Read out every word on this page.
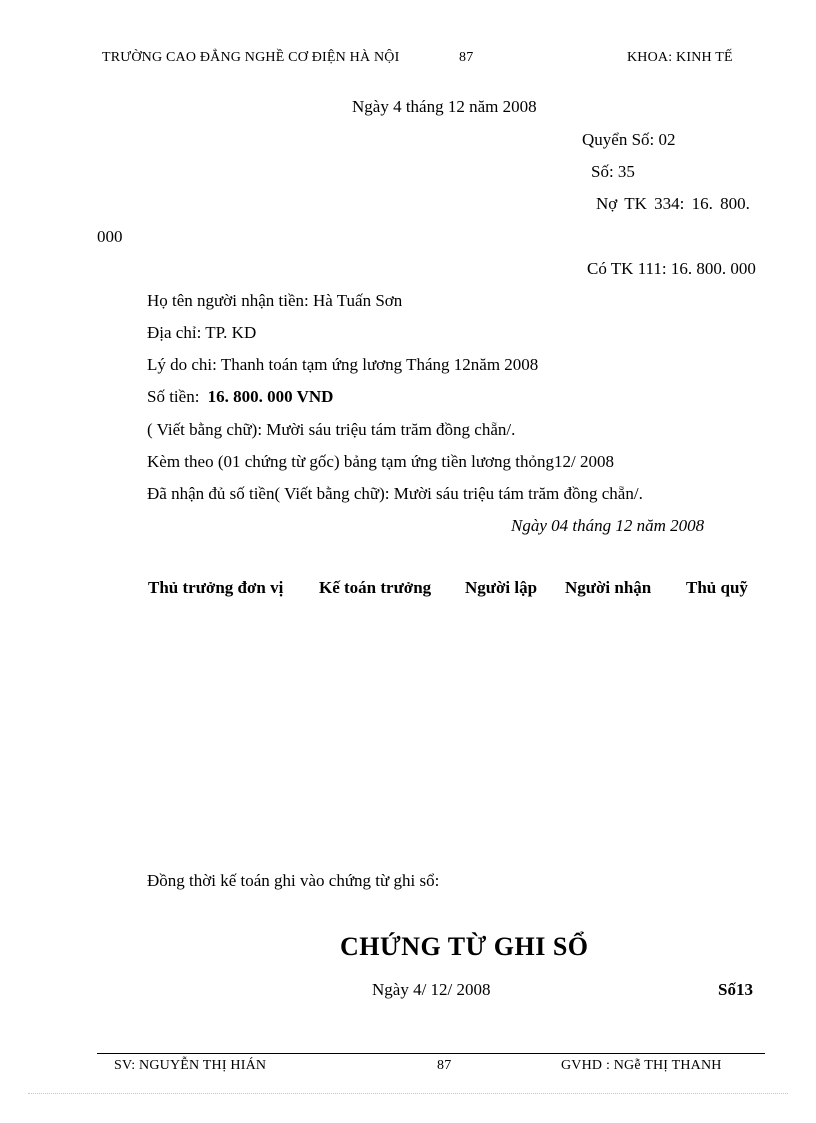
TRƯỜNG CAO ĐẲNG NGHỀ CƠ ĐIỆN HÀ NỘI	87	KHOA: KINH TẾ
Ngày 4 tháng 12 năm 2008
Quyển Số: 02
Số: 35
Nợ TK 334: 16. 800.
000
Có TK 111: 16. 800. 000
Họ tên người nhận tiền: Hà Tuấn Sơn
Địa chỉ: TP. KD
Lý do chi: Thanh toán tạm ứng lương Tháng 12năm 2008
Số tiền: 16. 800. 000 VND
( Viết bằng chữ): Mười sáu triệu tám trăm đồng chẵn/.
Kèm theo (01 chứng từ gốc) bảng tạm ứng tiền lương thỏng12/ 2008
Đã nhận đủ số tiền( Viết bằng chữ): Mười sáu triệu tám trăm đồng chẵn/.
Ngày 04 tháng 12 năm 2008
Thủ trưởng đơn vị Kế toán trưởng Người lập Người nhận Thủ quỹ
Đồng thời kế toán ghi vào chứng từ ghi sổ:
CHỨNG TỪ GHI SỔ
Ngày 4/ 12/ 2008	Số13
SV: NGUYỄN THỊ HIÁN	87	GVHD : NGễ THỊ THANH
